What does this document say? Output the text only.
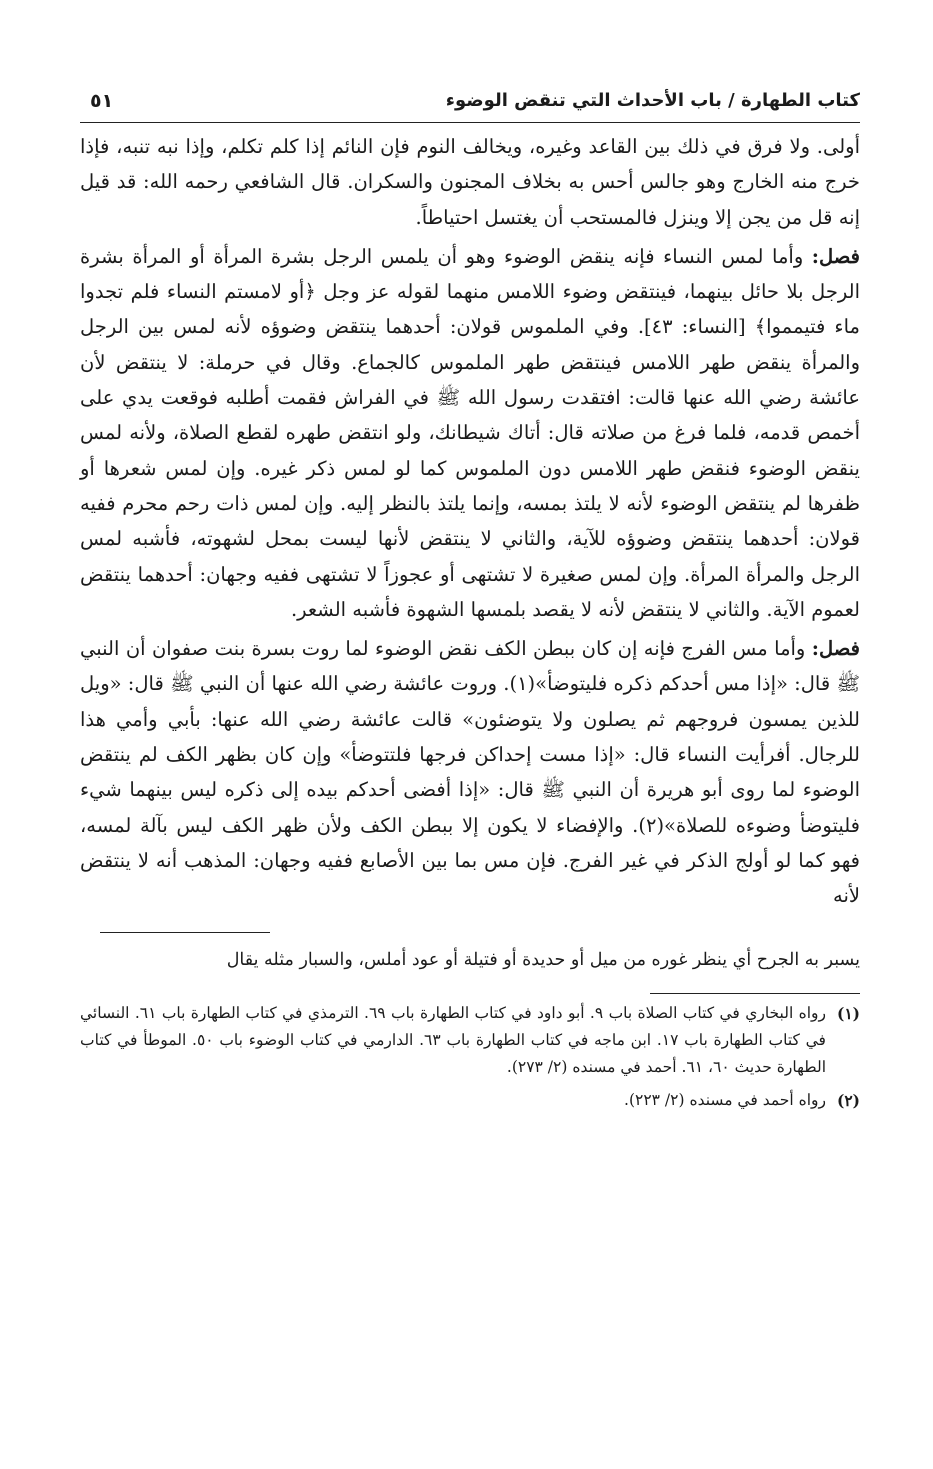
كتاب الطهارة / باب الأحداث التي تنقض الوضوء
٥١

أولى. ولا فرق في ذلك بين القاعد وغيره، ويخالف النوم فإن النائم إذا كلم تكلم، وإذا نبه تنبه، فإذا خرج منه الخارج وهو جالس أحس به بخلاف المجنون والسكران. قال الشافعي رحمه الله: قد قيل إنه قل من يجن إلا وينزل فالمستحب أن يغتسل احتياطاً.

فصل: وأما لمس النساء فإنه ينقض الوضوء وهو أن يلمس الرجل بشرة المرأة أو المرأة بشرة الرجل بلا حائل بينهما، فينتقض وضوء اللامس منهما لقوله عز وجل ﴿أو لامستم النساء فلم تجدوا ماء فتيمموا﴾ [النساء: ٤٣]. وفي الملموس قولان: أحدهما ينتقض وضوؤه لأنه لمس بين الرجل والمرأة ينقض طهر اللامس فينتقض طهر الملموس كالجماع. وقال في حرملة: لا ينتقض لأن عائشة رضي الله عنها قالت: افتقدت رسول الله ﷺ في الفراش فقمت أطلبه فوقعت يدي على أخمص قدمه، فلما فرغ من صلاته قال: أتاك شيطانك، ولو انتقض طهره لقطع الصلاة، ولأنه لمس ينقض الوضوء فنقض طهر اللامس دون الملموس كما لو لمس ذكر غيره. وإن لمس شعرها أو ظفرها لم ينتقض الوضوء لأنه لا يلتذ بمسه، وإنما يلتذ بالنظر إليه. وإن لمس ذات رحم محرم ففيه قولان: أحدهما ينتقض وضوؤه للآية، والثاني لا ينتقض لأنها ليست بمحل لشهوته، فأشبه لمس الرجل والمرأة المرأة. وإن لمس صغيرة لا تشتهى أو عجوزاً لا تشتهى ففيه وجهان: أحدهما ينتقض لعموم الآية. والثاني لا ينتقض لأنه لا يقصد بلمسها الشهوة فأشبه الشعر.

فصل: وأما مس الفرج فإنه إن كان ببطن الكف نقض الوضوء لما روت بسرة بنت صفوان أن النبي ﷺ قال: «إذا مس أحدكم ذكره فليتوضأ»(١). وروت عائشة رضي الله عنها أن النبي ﷺ قال: «ويل للذين يمسون فروجهم ثم يصلون ولا يتوضئون» قالت عائشة رضي الله عنها: بأبي وأمي هذا للرجال. أفرأيت النساء قال: «إذا مست إحداكن فرجها فلتتوضأ» وإن كان بظهر الكف لم ينتقض الوضوء لما روى أبو هريرة أن النبي ﷺ قال: «إذا أفضى أحدكم بيده إلى ذكره ليس بينهما شيء فليتوضأ وضوءه للصلاة»(٢). والإفضاء لا يكون إلا ببطن الكف ولأن ظهر الكف ليس بآلة لمسه، فهو كما لو أولج الذكر في غير الفرج. فإن مس بما بين الأصابع ففيه وجهان: المذهب أنه لا ينتقض لأنه

يسبر به الجرح أي ينظر غوره من ميل أو حديدة أو فتيلة أو عود أملس، والسبار مثله يقال
(١)
رواه البخاري في كتاب الصلاة باب ٩. أبو داود في كتاب الطهارة باب ٦٩. الترمذي في كتاب الطهارة باب ٦١. النسائي في كتاب الطهارة باب ١٧. ابن ماجه في كتاب الطهارة باب ٦٣. الدارمي في كتاب الوضوء باب ٥٠. الموطأ في كتاب الطهارة حديث ٦٠، ٦١. أحمد في مسنده (٢/ ٢٧٣).
(٢)
رواه أحمد في مسنده (٢/ ٢٢٣).
